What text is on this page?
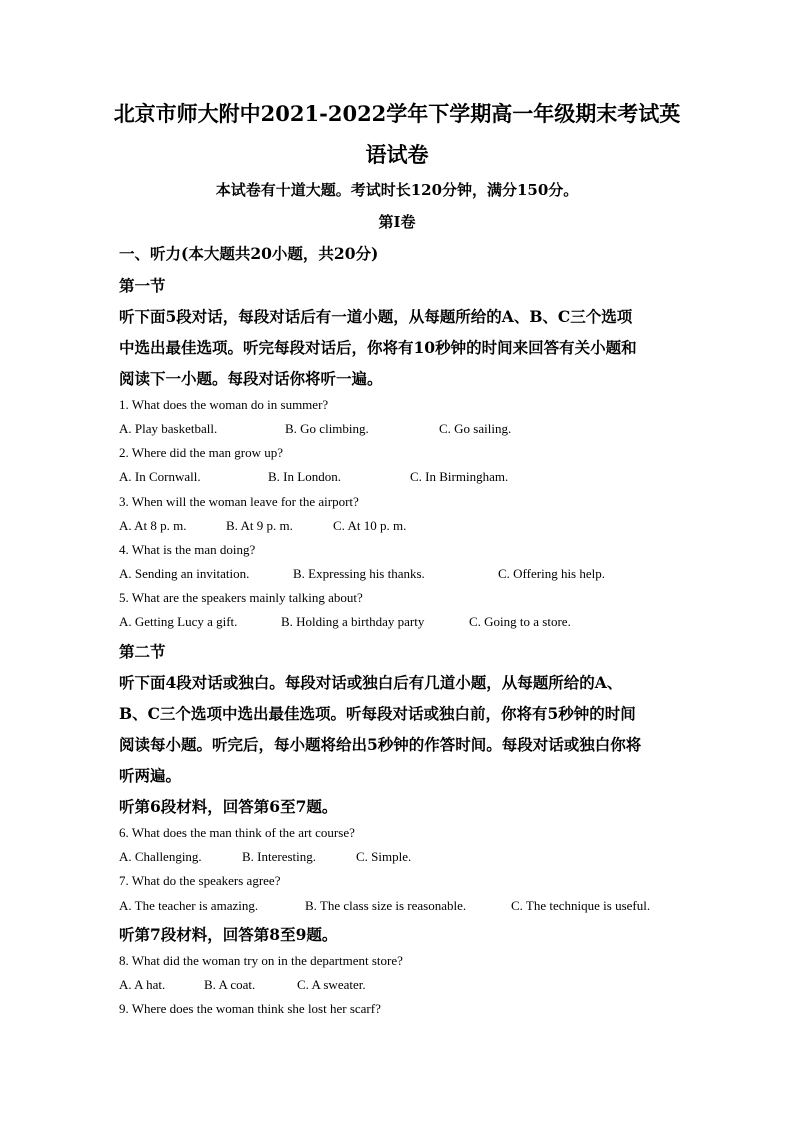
北京市师大附中2021-2022学年下学期高一年级期末考试英
语试卷
本试卷有十道大题。考试时长120分钟，满分150分。
第I卷
一、听力(本大题共20小题，共20分)
第一节
听下面5段对话，每段对话后有一道小题，从每题所给的A、B、C三个选项
中选出最佳选项。听完每段对话后，你将有10秒钟的时间来回答有关小题和
阅读下一小题。每段对话你将听一遍。
1. What does the woman do in summer?
A. Play basketball.	B. Go climbing.	C. Go sailing.
2. Where did the man grow up?
A. In Cornwall.	B. In London.	C. In Birmingham.
3. When will the woman leave for the airport?
A. At 8 p. m.	B. At 9 p. m.	C. At 10 p. m.
4. What is the man doing?
A. Sending an invitation.	B. Expressing his thanks.	C. Offering his help.
5. What are the speakers mainly talking about?
A. Getting Lucy a gift.	B. Holding a birthday party	C. Going to a store.
第二节
听下面4段对话或独白。每段对话或独白后有几道小题，从每题所给的A、
B、C三个选项中选出最佳选项。听每段对话或独白前，你将有5秒钟的时间
阅读每小题。听完后，每小题将给出5秒钟的作答时间。每段对话或独白你将
听两遍。
听第6段材料，回答第6至7题。
6. What does the man think of the art course?
A. Challenging.	B. Interesting.	C. Simple.
7. What do the speakers agree?
A. The teacher is amazing.	B. The class size is reasonable.	C. The technique is useful.
听第7段材料，回答第8至9题。
8. What did the woman try on in the department store?
A. A hat.	B. A coat.	C. A sweater.
9. Where does the woman think she lost her scarf?
